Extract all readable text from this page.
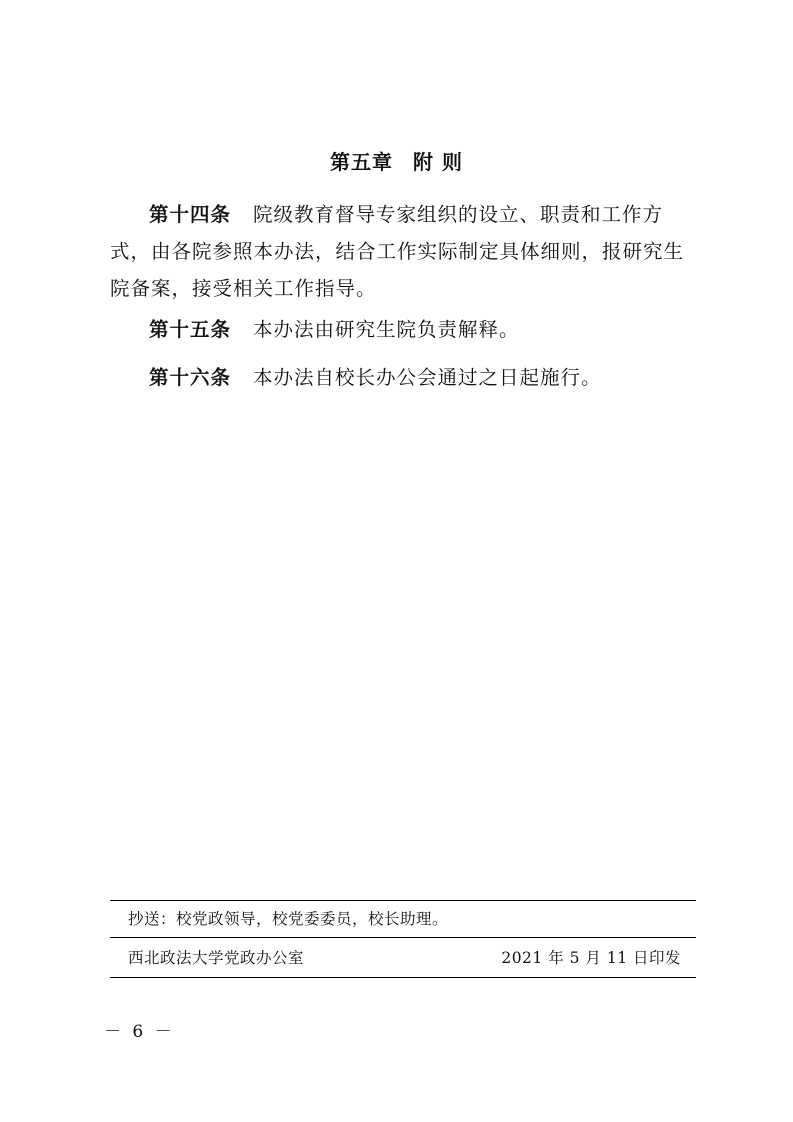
第五章 附 则

第十四条 院级教育督导专家组织的设立、职责和工作方式，由各院参照本办法，结合工作实际制定具体细则，报研究生院备案，接受相关工作指导。

第十五条 本办法由研究生院负责解释。

第十六条 本办法自校长办公会通过之日起施行。

抄送：校党政领导，校党委委员，校长助理。
西北政法大学党政办公室	2021 年 5 月 11 日印发
－ 6 －
